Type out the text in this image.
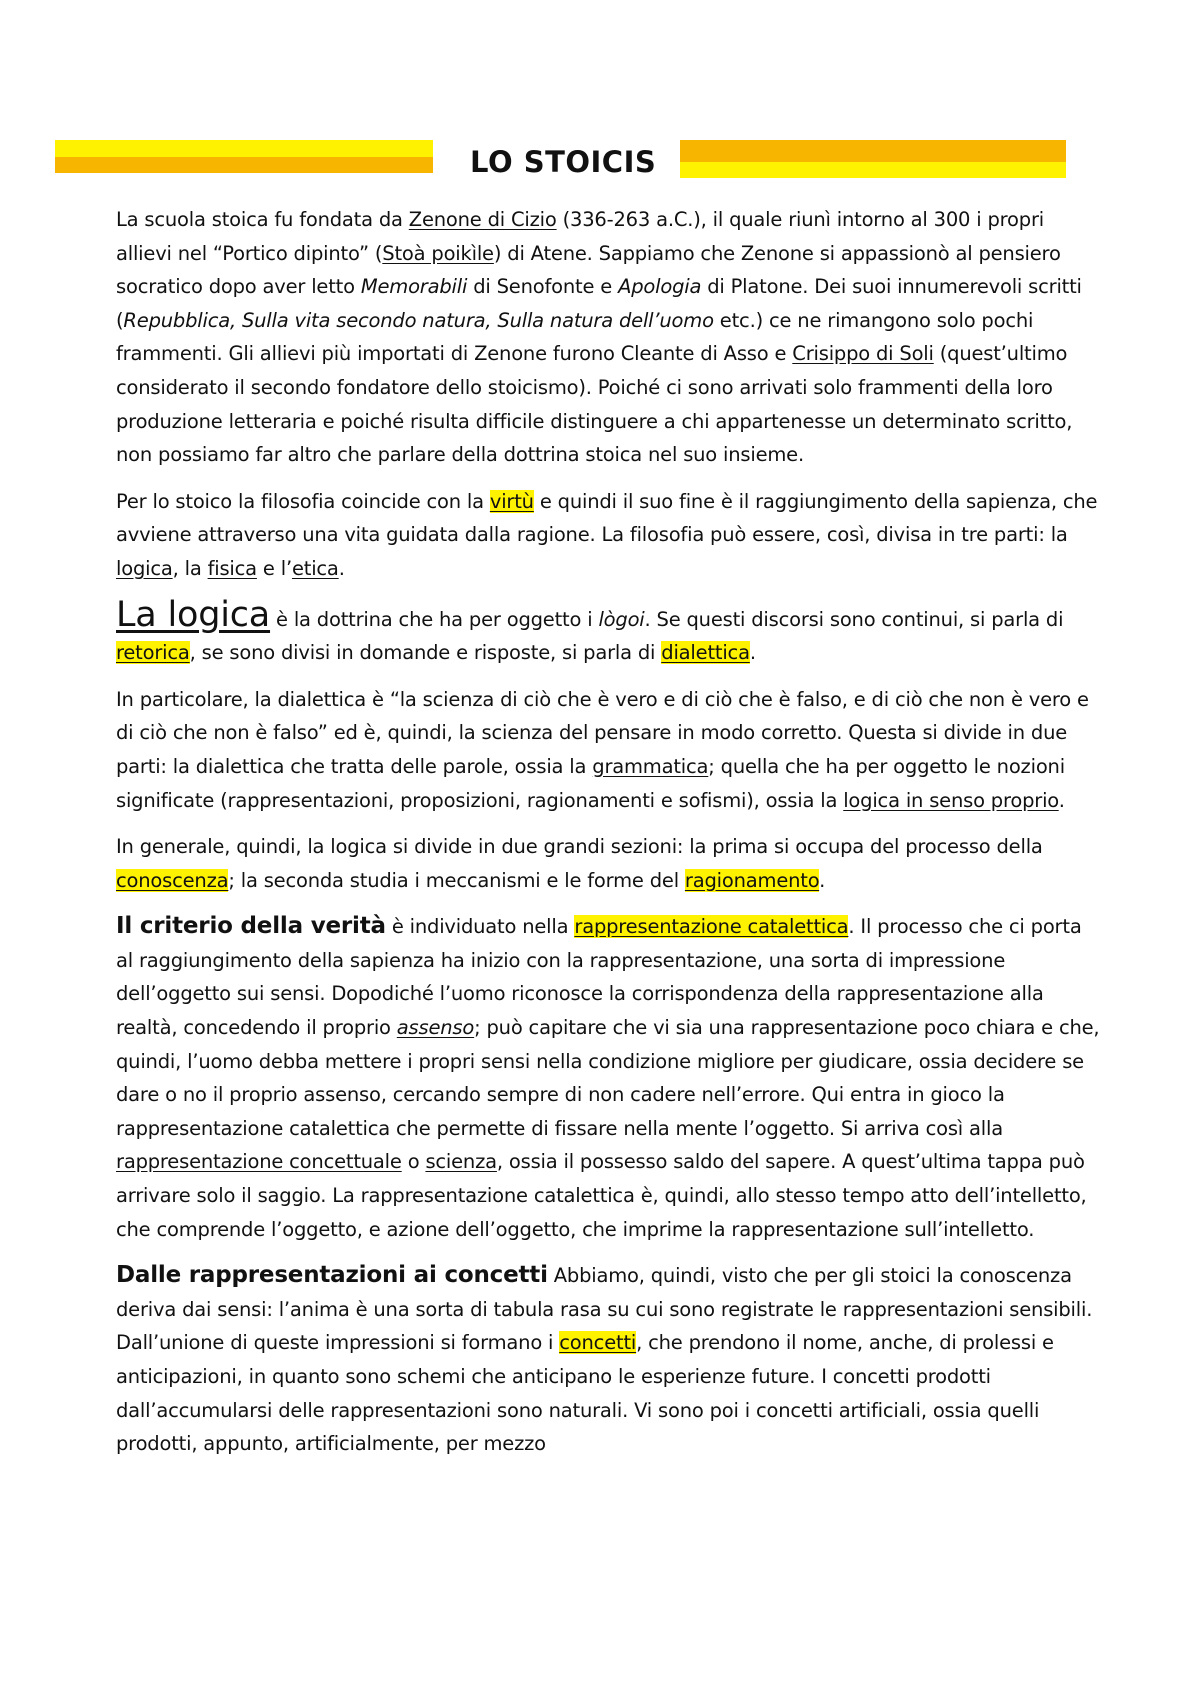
LO STOICIS

La scuola stoica fu fondata da Zenone di Cizio (336-263 a.C.), il quale riunì intorno al 300 i propri allievi nel “Portico dipinto” (Stoà poikìle) di Atene. Sappiamo che Zenone si appassionò al pensiero socratico dopo aver letto Memorabili di Senofonte e Apologia di Platone. Dei suoi innumerevoli scritti (Repubblica, Sulla vita secondo natura, Sulla natura dell’uomo etc.) ce ne rimangono solo pochi frammenti. Gli allievi più importati di Zenone furono Cleante di Asso e Crisippo di Soli (quest’ultimo considerato il secondo fondatore dello stoicismo). Poiché ci sono arrivati solo frammenti della loro produzione letteraria e poiché risulta difficile distinguere a chi appartenesse un determinato scritto, non possiamo far altro che parlare della dottrina stoica nel suo insieme.

Per lo stoico la filosofia coincide con la virtù e quindi il suo fine è il raggiungimento della sapienza, che avviene attraverso una vita guidata dalla ragione. La filosofia può essere, così, divisa in tre parti: la logica, la fisica e l’etica.

La logica è la dottrina che ha per oggetto i lògoi. Se questi discorsi sono continui, si parla di retorica, se sono divisi in domande e risposte, si parla di dialettica.

In particolare, la dialettica è “la scienza di ciò che è vero e di ciò che è falso, e di ciò che non è vero e di ciò che non è falso” ed è, quindi, la scienza del pensare in modo corretto. Questa si divide in due parti: la dialettica che tratta delle parole, ossia la grammatica; quella che ha per oggetto le nozioni significate (rappresentazioni, proposizioni, ragionamenti e sofismi), ossia la logica in senso proprio.

In generale, quindi, la logica si divide in due grandi sezioni: la prima si occupa del processo della conoscenza; la seconda studia i meccanismi e le forme del ragionamento.

Il criterio della verità è individuato nella rappresentazione catalettica. Il processo che ci porta al raggiungimento della sapienza ha inizio con la rappresentazione, una sorta di impressione dell’oggetto sui sensi. Dopodiché l’uomo riconosce la corrispondenza della rappresentazione alla realtà, concedendo il proprio assenso; può capitare che vi sia una rappresentazione poco chiara e che, quindi, l’uomo debba mettere i propri sensi nella condizione migliore per giudicare, ossia decidere se dare o no il proprio assenso, cercando sempre di non cadere nell’errore. Qui entra in gioco la rappresentazione catalettica che permette di fissare nella mente l’oggetto. Si arriva così alla rappresentazione concettuale o scienza, ossia il possesso saldo del sapere. A quest’ultima tappa può arrivare solo il saggio. La rappresentazione catalettica è, quindi, allo stesso tempo atto dell’intelletto, che comprende l’oggetto, e azione dell’oggetto, che imprime la rappresentazione sull’intelletto.

Dalle rappresentazioni ai concetti Abbiamo, quindi, visto che per gli stoici la conoscenza deriva dai sensi: l’anima è una sorta di tabula rasa su cui sono registrate le rappresentazioni sensibili. Dall’unione di queste impressioni si formano i concetti, che prendono il nome, anche, di prolessi e anticipazioni, in quanto sono schemi che anticipano le esperienze future. I concetti prodotti dall’accumularsi delle rappresentazioni sono naturali. Vi sono poi i concetti artificiali, ossia quelli prodotti, appunto, artificialmente, per mezzo
